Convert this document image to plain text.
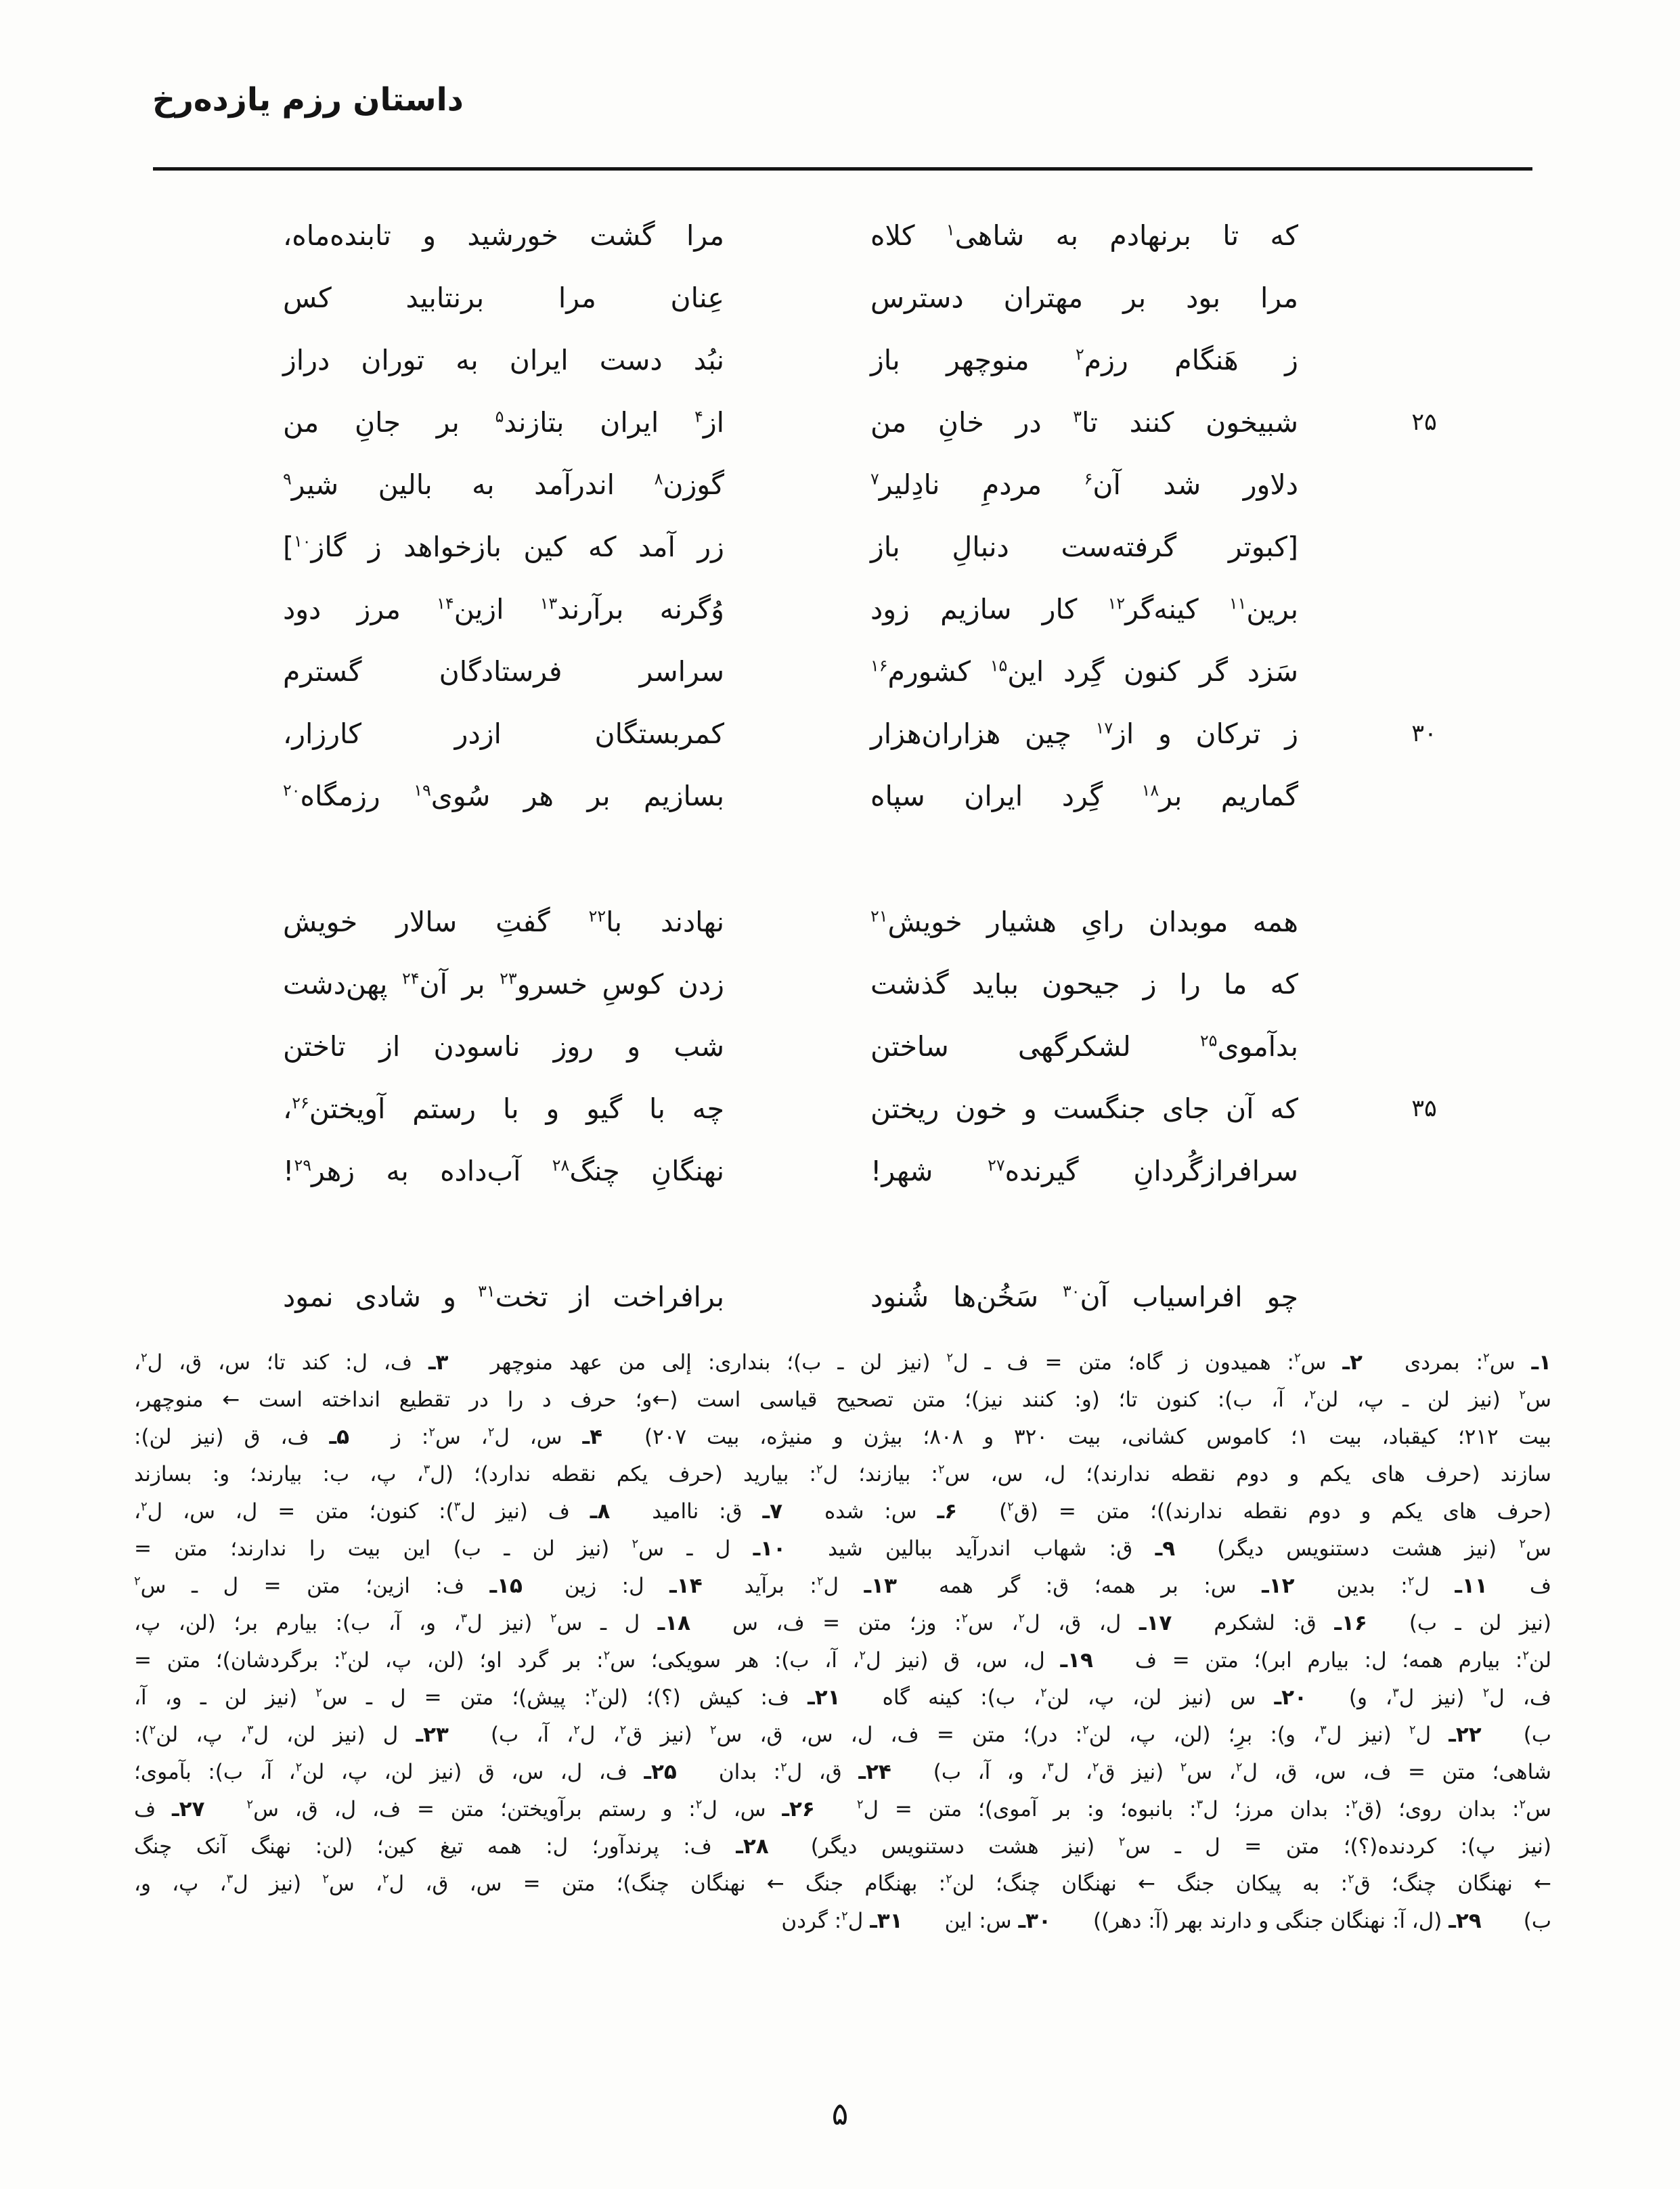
داستان رزم یازده‌رخ
که تا برنهادم به شاهی$^۱$ کلاه
مرا گشت خورشید و تابنده‌ماه،
مرا بود بر مهتران دسترس
عِنان مرا برنتابید کس
ز هَنگام رزم$^۲$ منوچهر باز
نبُد دست ایران به توران دراز
۲۵
شبیخون کنند تا$^۳$ در خانِ من
از$^۴$ ایران بتازند$^۵$ بر جانِ من
دلاور شد آن$^۶$ مردمِ نادِلیر$^۷$
گوزن$^۸$ اندرآمد به بالین شیر$^۹$
[کبوتر گرفته‌ست دنبالِ باز
زر آمد که کین بازخواهد ز گاز$^{۱۰}$]
برین$^{۱۱}$ کینه‌گر$^{۱۲}$ کار سازیم زود
وُگرنه برآرند$^{۱۳}$ ازین$^{۱۴}$ مرز دود
سَزد گر کنون گِرد این$^{۱۵}$ کشورم$^{۱۶}$
سراسر فرستادگان گسترم
۳۰
ز ترکان و از$^{۱۷}$ چین هزاران‌هزار
کمربستگان ازدر کارزار،
گماریم بر$^{۱۸}$ گِرد ایران سپاه
بسازیم بر هر سُوی$^{۱۹}$ رزمگاه$^{۲۰}$
همه موبدان رایِ هشیار خویش$^{۲۱}$
نهادند با$^{۲۲}$ گفتِ سالار خویش
که ما را ز جیحون بباید گذشت
زدن کوسِ خسرو$^{۲۳}$ بر آن$^{۲۴}$ پهن‌دشت
بدآموی$^{۲۵}$ لشکرگهی ساختن
شب و روز ناسودن از تاختن
۳۵
که آن جای جنگست و خون ریختن
چه با گیو و با رستم آویختن$^{۲۶}$،
سرافرازگُردانِ گیرنده$^{۲۷}$ شهر!
نهنگانِ چنگ$^{۲۸}$ آب‌داده به زهر$^{۲۹}$!
چو افراسیاب آن$^{۳۰}$ سَخُن‌ها شُنود
برافراخت از تخت$^{۳۱}$ و شادی نمود
۱ـ س$^۲$: بمردی  ۲ـ س$^۲$: همیدون ز گاه؛ متن = ف ـ ل$^۲$ (نیز لن ـ ب)؛ بنداری: إلی من عهد منوچهر  ۳ـ ف، ل: کند تا؛ س، ق، ل$^۲$،
س$^۲$ (نیز لن ـ پ، لن$^۲$، آ، ب): کنون تا؛ (و: کنند نیز)؛ متن تصحیح قیاسی است (←و؛ حرف د را در تقطیع انداخته است ← منوچهر،
بیت ۲۱۲؛ کیقباد، بیت ۱؛ کاموس کشانی، بیت ۳۲۰ و ۸۰۸؛ بیژن و منیژه، بیت ۲۰۷)  ۴ـ س، ل$^۲$، س$^۲$: ز  ۵ـ ف، ق (نیز لن):
سازند (حرف های یکم و دوم نقطه ندارند)؛ ل، س، س$^۲$: بیازند؛ ل$^۲$: بیارید (حرف یکم نقطه ندارد)؛ (ل$^۳$، پ، ب: بیارند؛ و: بسازند
(حرف های یکم و دوم نقطه ندارند))؛ متن = (ق$^۲$)  ۶ـ س: شده  ۷ـ ق: ناامید  ۸ـ ف (نیز ل$^۳$): کنون؛ متن = ل، س، ل$^۲$،
س$^۲$ (نیز هشت دستنویس دیگر)  ۹ـ ق: شهاب اندرآید ببالین شید  ۱۰ـ ل ـ س$^۲$ (نیز لن ـ ب) این بیت را ندارند؛ متن =
ف  ۱۱ـ ل$^۲$: بدین  ۱۲ـ س: بر همه؛ ق: گر همه  ۱۳ـ ل$^۲$: برآید  ۱۴ـ ل: زین  ۱۵ـ ف: ازین؛ متن = ل ـ س$^۲$
(نیز لن ـ ب)  ۱۶ـ ق: لشکرم  ۱۷ـ ل، ق، ل$^۲$، س$^۲$: وز؛ متن = ف، س  ۱۸ـ ل ـ س$^۲$ (نیز ل$^۳$، و، آ، ب): بیارم بر؛ (لن، پ،
لن$^۲$: بیارم همه؛ ل: بیارم ابر)؛ متن = ف  ۱۹ـ ل، س، ق (نیز ل$^۲$، آ، ب): هر سویکی؛ س$^۲$: بر گرد او؛ (لن، پ، لن$^۲$: برگردشان)؛ متن =
ف، ل$^۲$ (نیز ل$^۳$، و)  ۲۰ـ س (نیز لن، پ، لن$^۲$، ب): کینه گاه  ۲۱ـ ف: کیش (؟)؛ (لن$^۲$: پیش)؛ متن = ل ـ س$^۲$ (نیز لن ـ و، آ،
ب)  ۲۲ـ ل$^۲$ (نیز ل$^۳$، و): برِ؛ (لن، پ، لن$^۲$: در)؛ متن = ف، ل، س، ق، س$^۲$ (نیز ق$^۲$، ل$^۲$، آ، ب)  ۲۳ـ ل (نیز لن، ل$^۳$، پ، لن$^۲$):
شاهی؛ متن = ف، س، ق، ل$^۲$، س$^۲$ (نیز ق$^۲$، ل$^۳$، و، آ، ب)  ۲۴ـ ق، ل$^۲$: بدان  ۲۵ـ ف، ل، س، ق (نیز لن، پ، لن$^۲$، آ، ب): بآموی؛
س$^۲$: بدان روی؛ (ق$^۲$: بدان مرز؛ ل$^۳$: بانبوه؛ و: بر آموی)؛ متن = ل$^۲$  ۲۶ـ س، ل$^۲$: و رستم برآویختن؛ متن = ف، ل، ق، س$^۲$  ۲۷ـ ف
(نیز پ): کردنده(؟)؛ متن = ل ـ س$^۲$ (نیز هشت دستنویس دیگر)  ۲۸ـ ف: پرندآور؛ ل: همه تیغ کین؛ (لن: نهنگ آنک چنگ
← نهنگان چنگ؛ ق$^۲$: به پیکان جنگ ← نهنگان چنگ؛ لن$^۲$: بهنگام جنگ ← نهنگان چنگ)؛ متن = س، ق، ل$^۲$، س$^۲$ (نیز ل$^۳$، پ، و،
ب)  ۲۹ـ (ل، آ: نهنگان جنگی و دارند بهر (آ: دهر))  ۳۰ـ س: این  ۳۱ـ ل$^۲$: گردن
۵
